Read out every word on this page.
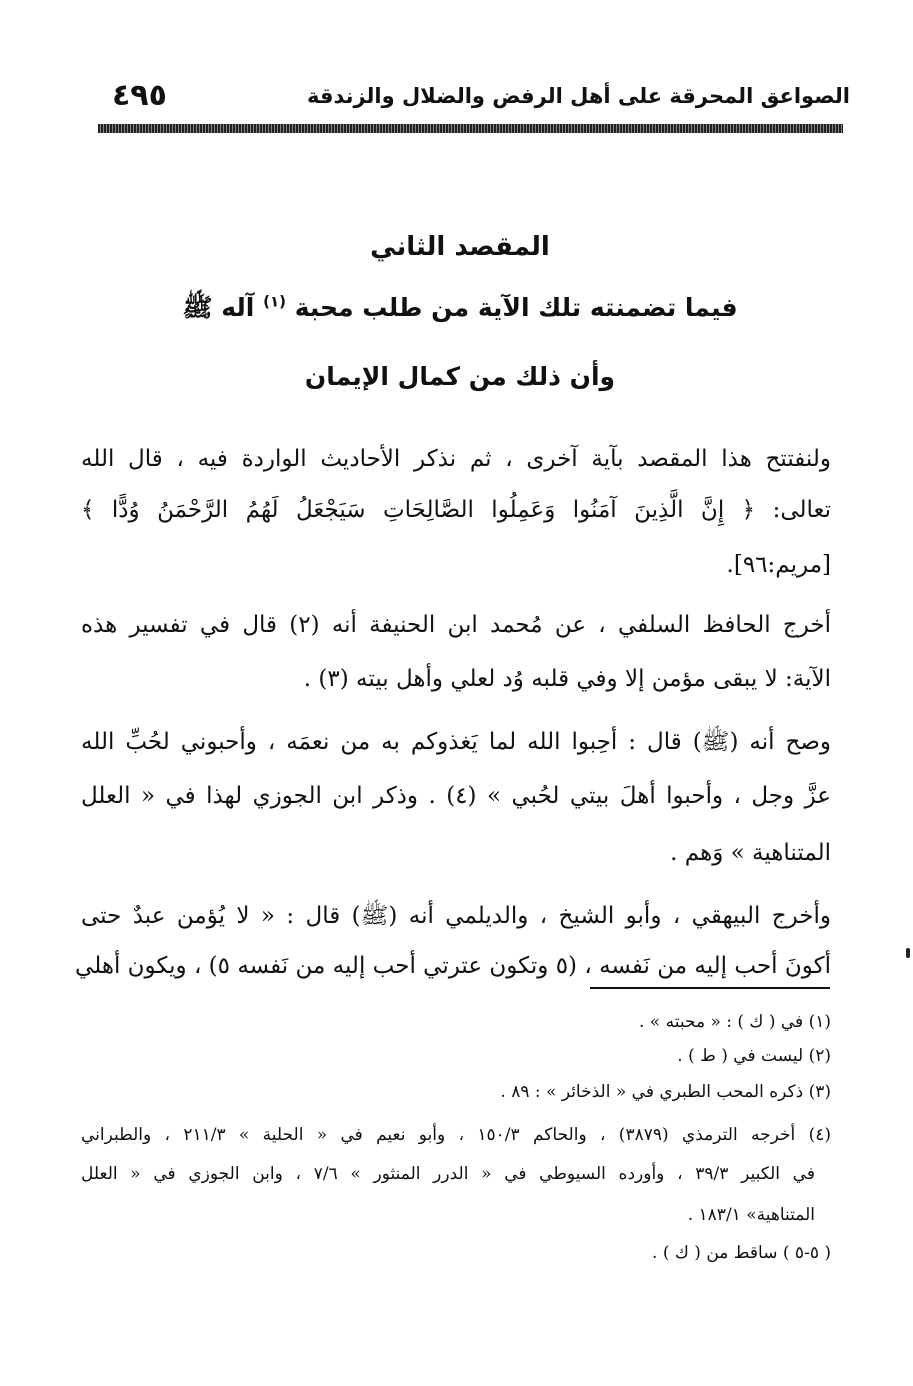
الصواعق المحرقة على أهل الرفض والضلال والزندقة
٤٩٥
المقصد الثاني
فيما تضمنته تلك الآية من طلب محبة $^{(١)}$ آله ﷺ
وأن ذلك من كمال الإيمان
ولنفتتح هذا المقصد بآية آخرى ، ثم نذكر الأحاديث الواردة فيه ، قال الله
تعالى: ﴿ إِنَّ الَّذِينَ آمَنُوا وَعَمِلُوا الصَّالِحَاتِ سَيَجْعَلُ لَهُمُ الرَّحْمَنُ وُدًّا ﴾
[مريم:٩٦].
أخرج الحافظ السلفي ، عن مُحمد ابن الحنيفة أنه (٢) قال في تفسير هذه
الآية: لا يبقى مؤمن إلا وفي قلبه وُد لعلي وأهل بيته (٣) .
وصح أنه (ﷺ) قال : أحِبوا الله لما يَغذوكم به من نعمَه ، وأحبوني لحُبِّ الله
عزَّ وجل ، وأحبوا أهلَ بيتي لحُبي » (٤) . وذكر ابن الجوزي لهذا في « العلل
المتناهية » وَهم .
وأخرج البيهقي ، وأبو الشيخ ، والديلمي أنه (ﷺ) قال : « لا يُؤمن عبدٌ حتى
أكونَ أحب إليه من نَفسه ، (٥ وتكون عترتي أحب إليه من نَفسه ٥) ، ويكون أهلي
(١) في ( ك ) : « محبته » .
(٢) ليست في ( ط ) .
(٣) ذكره المحب الطبري في « الذخائر » : ٨٩ .
(٤) أخرجه الترمذي (٣٨٧٩) ، والحاكم ١٥٠/٣ ، وأبو نعيم في « الحلية » ٢١١/٣ ، والطبراني
في الكبير ٣٩/٣ ، وأورده السيوطي في « الدرر المنثور » ٧/٦ ، وابن الجوزي في « العلل
المتناهية» ١٨٣/١ .
( ٥-٥ ) ساقط من ( ك ) .
